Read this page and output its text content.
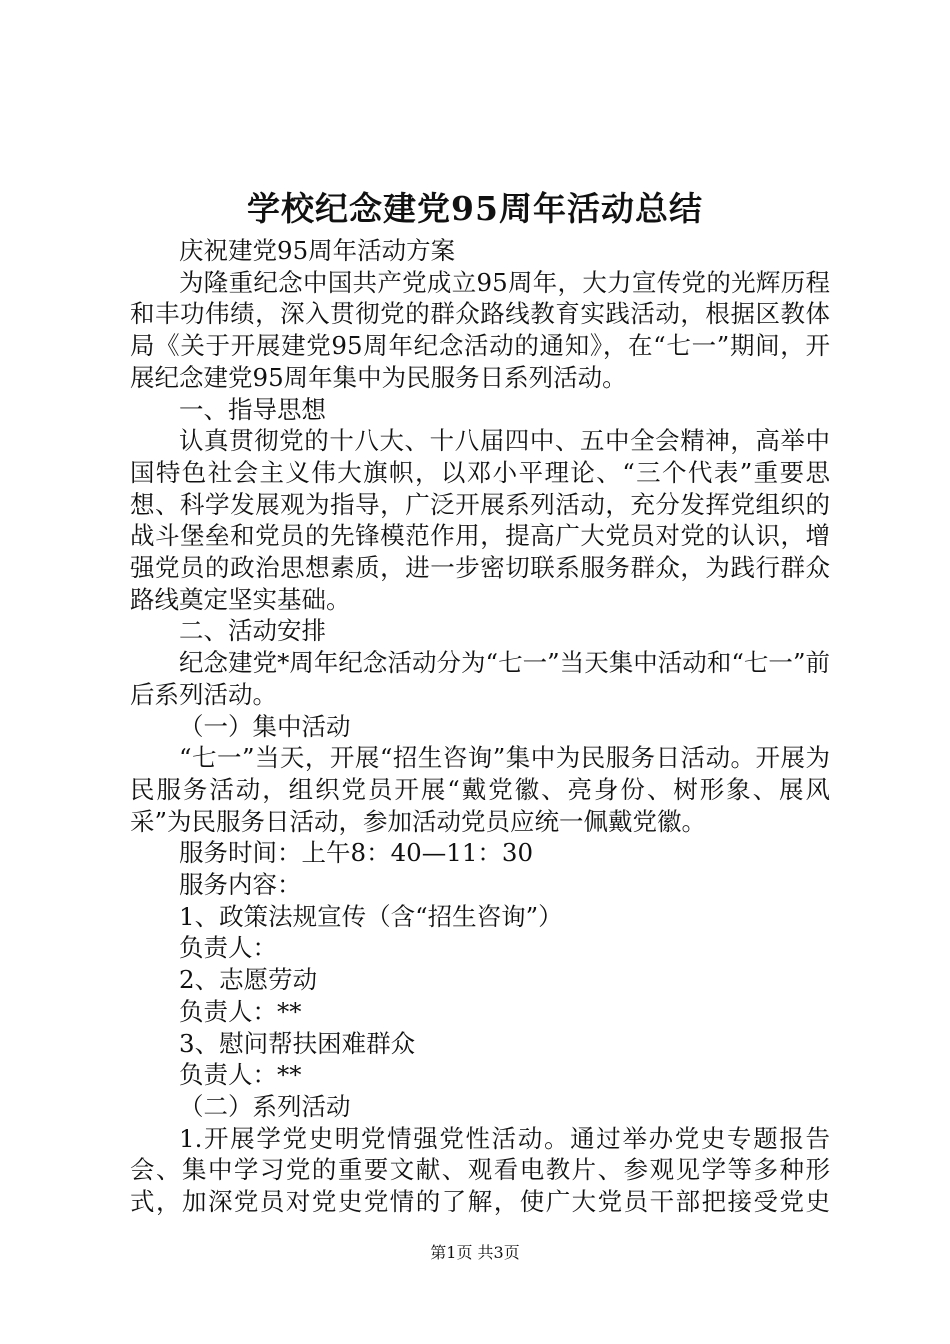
学校纪念建党95周年活动总结

庆祝建党95周年活动方案

为隆重纪念中国共产党成立95周年，大力宣传党的光辉历程和丰功伟绩，深入贯彻党的群众路线教育实践活动，根据区教体局《关于开展建党95周年纪念活动的通知》，在“七一”期间，开展纪念建党95周年集中为民服务日系列活动。

一、指导思想

认真贯彻党的十八大、十八届四中、五中全会精神，高举中国特色社会主义伟大旗帜，以邓小平理论、“三个代表”重要思想、科学发展观为指导，广泛开展系列活动，充分发挥党组织的战斗堡垒和党员的先锋模范作用，提高广大党员对党的认识，增强党员的政治思想素质，进一步密切联系服务群众，为践行群众路线奠定坚实基础。

二、活动安排

纪念建党*周年纪念活动分为“七一”当天集中活动和“七一”前后系列活动。

（一）集中活动

“七一”当天，开展“招生咨询”集中为民服务日活动。开展为民服务活动，组织党员开展“戴党徽、亮身份、树形象、展风采”为民服务日活动，参加活动党员应统一佩戴党徽。

服务时间：上午8：40—11：30

服务内容：

1、政策法规宣传（含“招生咨询”）

负责人：

2、志愿劳动

负责人：**

3、慰问帮扶困难群众

负责人：**

（二）系列活动

1.开展学党史明党情强党性活动。通过举办党史专题报告会、集中学习党的重要文献、观看电教片、参观见学等多种形式，加深党员对党史党情的了解，使广大党员干部把接受党史

第1页 共3页
